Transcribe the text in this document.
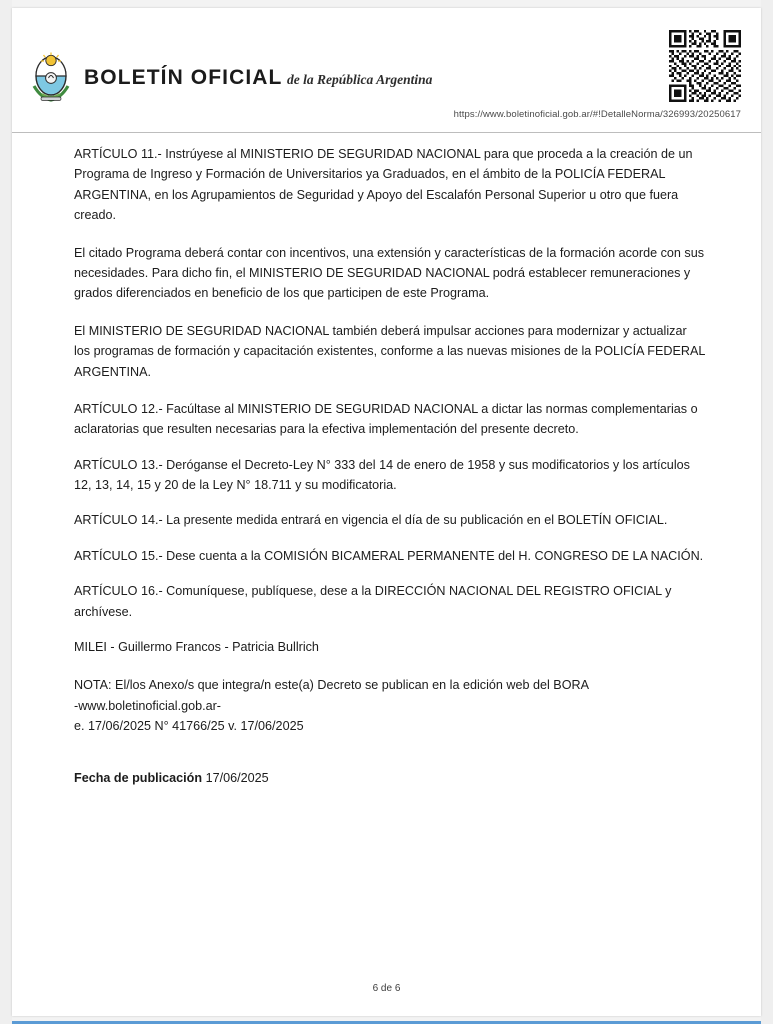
BOLETÍN OFICIAL de la República Argentina
https://www.boletinoficial.gob.ar/#!DetalleNorma/326993/20250617

ARTÍCULO 11.- Instrúyese al MINISTERIO DE SEGURIDAD NACIONAL para que proceda a la creación de un Programa de Ingreso y Formación de Universitarios ya Graduados, en el ámbito de la POLICÍA FEDERAL ARGENTINA, en los Agrupamientos de Seguridad y Apoyo del Escalafón Personal Superior u otro que fuera creado.

El citado Programa deberá contar con incentivos, una extensión y características de la formación acorde con sus necesidades. Para dicho fin, el MINISTERIO DE SEGURIDAD NACIONAL podrá establecer remuneraciones y grados diferenciados en beneficio de los que participen de este Programa.

El MINISTERIO DE SEGURIDAD NACIONAL también deberá impulsar acciones para modernizar y actualizar los programas de formación y capacitación existentes, conforme a las nuevas misiones de la POLICÍA FEDERAL ARGENTINA.

ARTÍCULO 12.- Facúltase al MINISTERIO DE SEGURIDAD NACIONAL a dictar las normas complementarias o aclaratorias que resulten necesarias para la efectiva implementación del presente decreto.

ARTÍCULO 13.- Deróganse el Decreto-Ley N° 333 del 14 de enero de 1958 y sus modificatorios y los artículos 12, 13, 14, 15 y 20 de la Ley N° 18.711 y su modificatoria.

ARTÍCULO 14.- La presente medida entrará en vigencia el día de su publicación en el BOLETÍN OFICIAL.

ARTÍCULO 15.- Dese cuenta a la COMISIÓN BICAMERAL PERMANENTE del H. CONGRESO DE LA NACIÓN.

ARTÍCULO 16.- Comuníquese, publíquese, dese a la DIRECCIÓN NACIONAL DEL REGISTRO OFICIAL y archívese.

MILEI - Guillermo Francos - Patricia Bullrich

NOTA: El/los Anexo/s que integra/n este(a) Decreto se publican en la edición web del BORA

-www.boletinoficial.gob.ar-

e. 17/06/2025 N° 41766/25 v. 17/06/2025

Fecha de publicación 17/06/2025
6 de 6
